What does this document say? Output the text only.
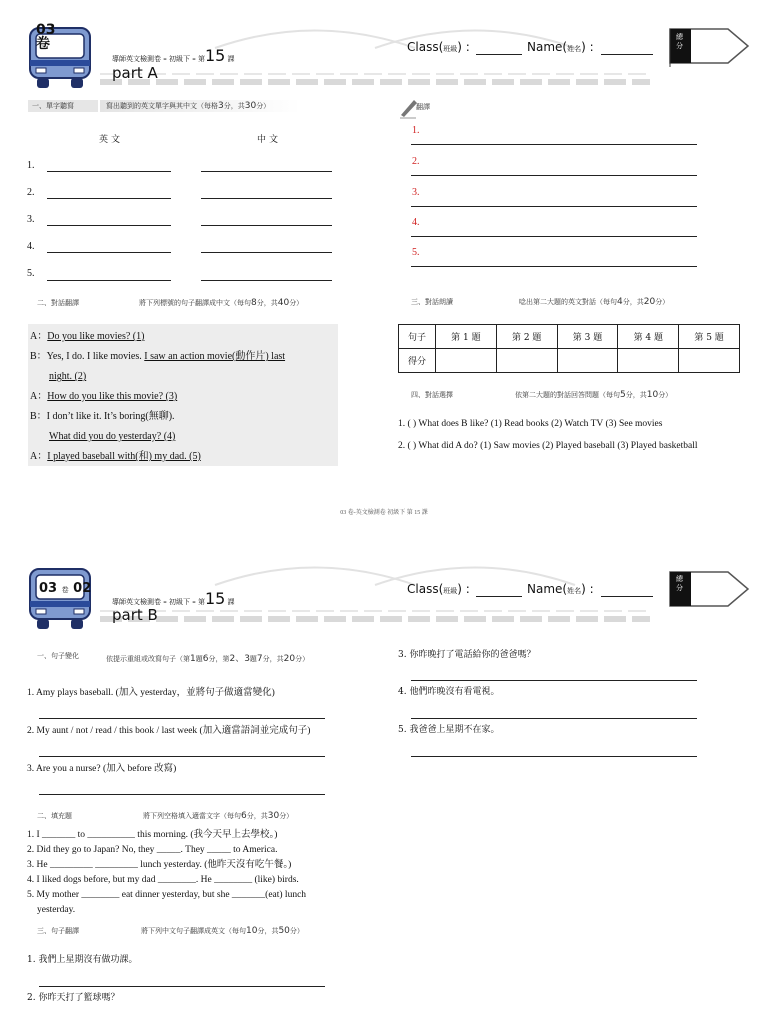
03
卷
導師英文檢測卷 – 初級下 – 第15 課
part A
Class(班級) :	Name(姓名) :
總分
一、單字聽寫	寫出聽到的英文單字與其中文（每格3分，共30分）
英文	中文
1.
2.
3.
4.
5.
翻譯
1.
2.
3.
4.
5.
二、對話翻譯	將下列標號的句子翻譯成中文（每句8分，共40分）
A：Do you like movies? (1)
B：Yes, I do. I like movies. I saw an action movie(動作片) last
night. (2)
A：How do you like this movie? (3)
B：I don’t like it. It’s boring(無聊).
What did you do yesterday? (4)
A：I played baseball with(和) my dad. (5)
三、對話朗讀	唸出第二大題的英文對話（每句4分，共20分）
句子	第 1 題	第 2 題	第 3 題	第 4 題	第 5 題
得分					
四、對話選擇	依第二大題的對話回答問題（每句5分，共10分）
1. ( ) What does B like? (1) Read books (2) Watch TV (3) See movies
2. ( ) What did A do? (1) Saw movies (2) Played baseball (3) Played basketball
03 卷-英文檢測卷 初級下 第 15 課
03 卷 02
導師英文檢測卷 – 初級下 – 第15 課
part B
Class(班級) :	Name(姓名) :
總分
一、句子變化	依提示重組或改寫句子（第1題6分，第2、3題7分，共20分）
1. Amy plays baseball. (加入 yesterday，並將句子做適當變化)
2. My aunt / not / read / this book / last week (加入適當語詞並完成句子)
3. Are you a nurse? (加入 before 改寫)
二、填充題	將下列空格填入適當文字（每句6分，共30分）
1. I _______ to __________ this morning. (我今天早上去學校。)
2. Did they go to Japan? No, they _____. They _____ to America.
3. He _________ _________ lunch yesterday. (他昨天沒有吃午餐。)
4. I liked dogs before, but my dad ________. He ________ (like) birds.
5. My mother ________ eat dinner yesterday, but she _______(eat) lunch
yesterday.
三、句子翻譯	將下列中文句子翻譯成英文（每句10分，共50分）
1. 我們上星期沒有做功課。
2. 你昨天打了籃球嗎？
3. 你昨晚打了電話給你的爸爸嗎？
4. 他們昨晚沒有看電視。
5. 我爸爸上星期不在家。
